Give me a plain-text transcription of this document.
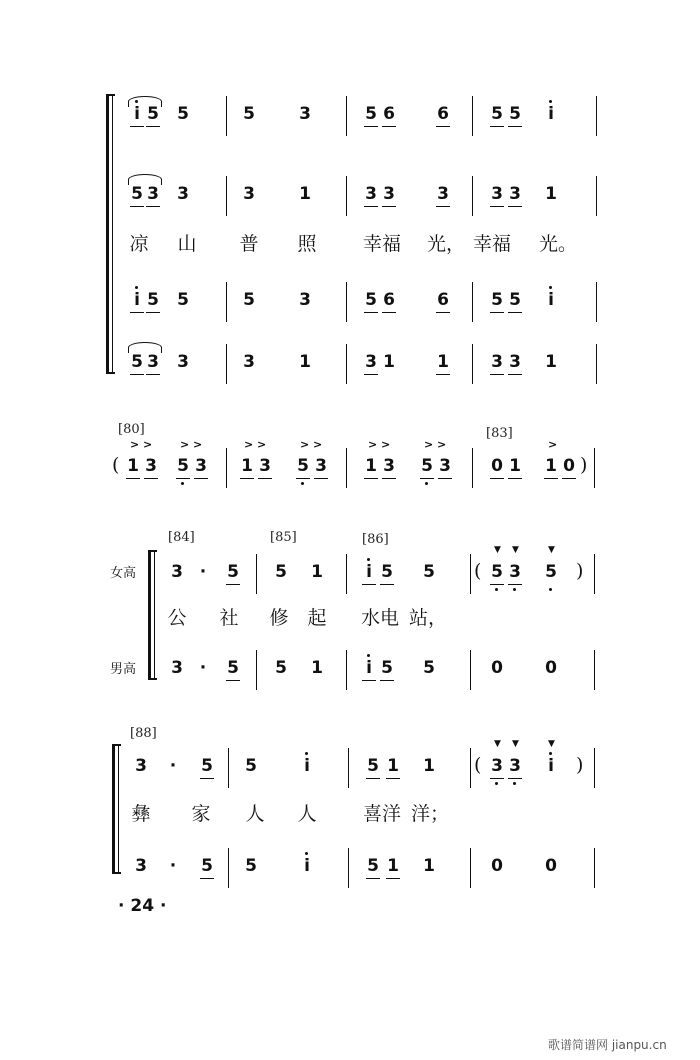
i 5 5	5	3	5 6 6 5 5	i
5 3 3	3	1	3 3 3 3 3 1
凉 山 普 照 幸福 光， 幸福 光。
i 5 5	5	3	5 6 6 5 5	i
5 3 3	3	1	3 1 1 3 3 1
[80]	[83]
(
> >
1 3
> >
5 3
> >
1 3
> >
5 3
> >
1 3
> >
5 3 0 1
>
1 0 )
[84]	[85]	[86]
女高
男高
3 ·	5 5 1	i 5 5 (
▼
5
▼
3
▼
5 )
公 社 修 起 水电 站，
3 ·	5 5 1	i 5 5	0 0
[88]
3	·	5 5	i	5 1 1 (
▼
3
▼
3
▼
i	)
彝 家 人 人 喜洋 洋；
3	·	5 5	i	5 1 1	0 0
· 24 ·
歌谱简谱网 jianpu.cn
